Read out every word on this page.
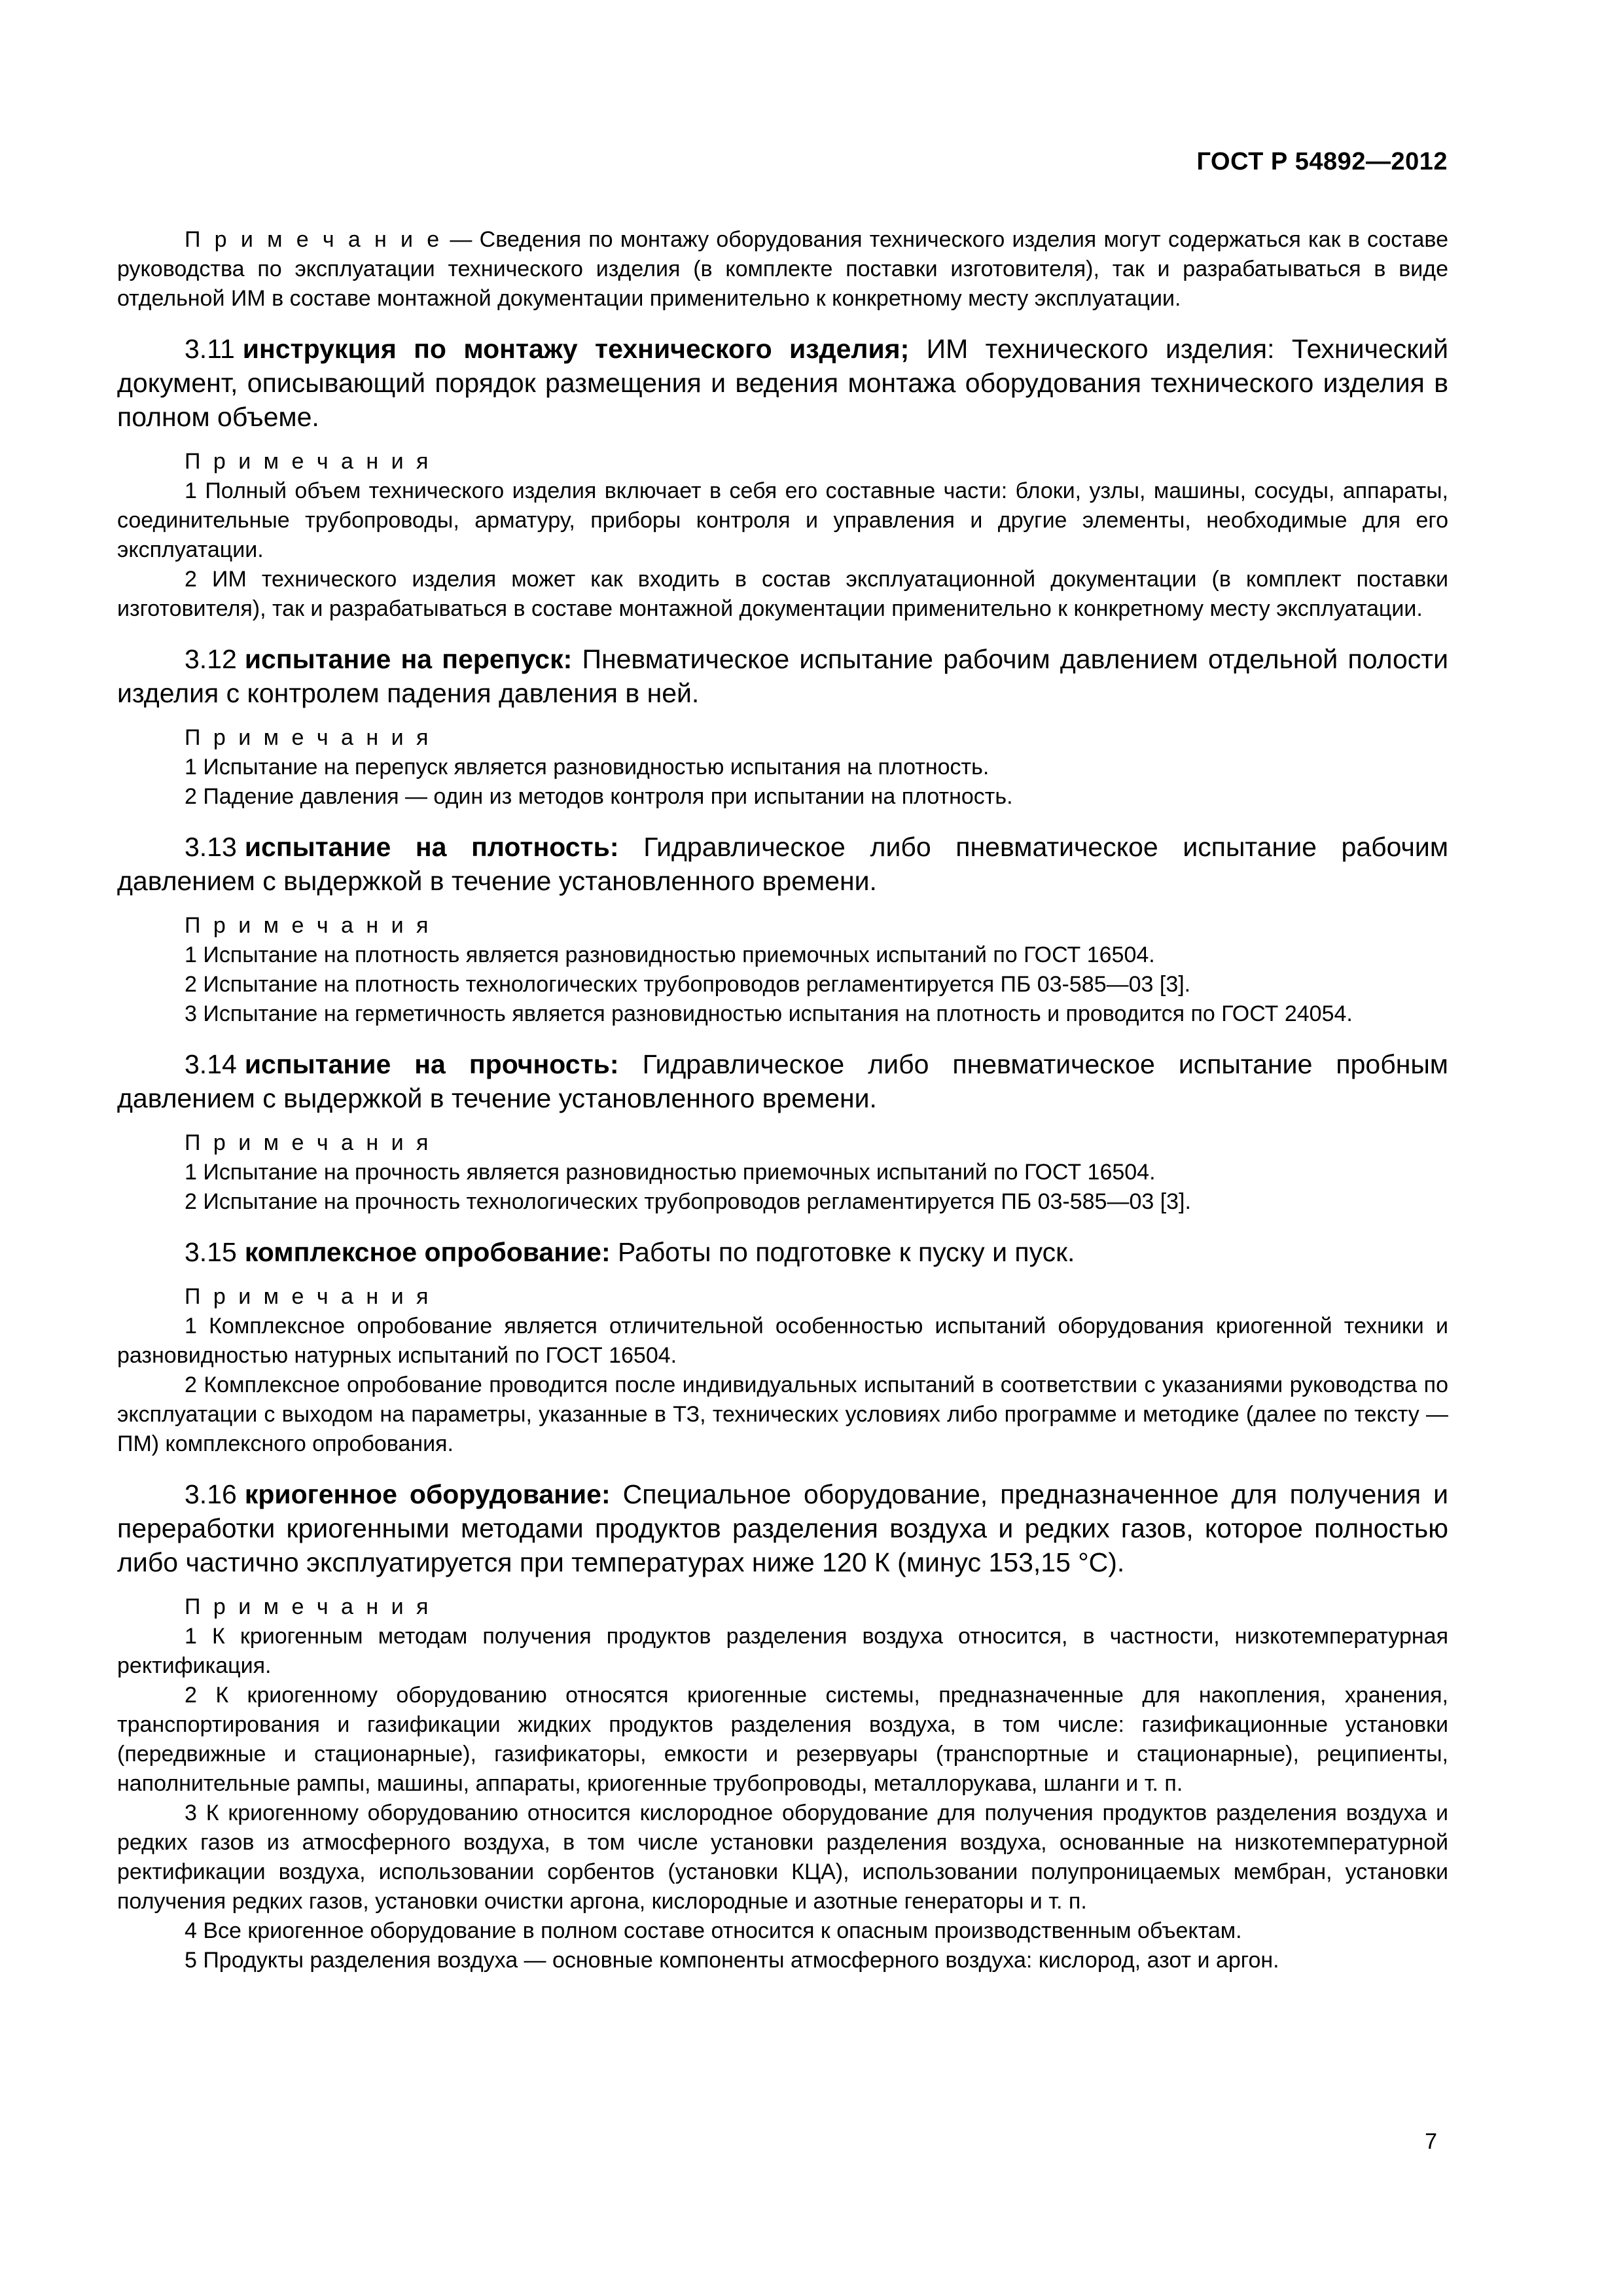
ГОСТ Р 54892—2012

П р и м е ч а н и е — Сведения по монтажу оборудования технического изделия могут содержаться как в составе руководства по эксплуатации технического изделия (в комплекте поставки изготовителя), так и разрабатываться в виде отдельной ИМ в составе монтажной документации применительно к конкретному месту эксплуатации.

3.11 инструкция по монтажу технического изделия; ИМ технического изделия: Технический документ, описывающий порядок размещения и ведения монтажа оборудования технического изделия в полном объеме.

П р и м е ч а н и я

1 Полный объем технического изделия включает в себя его составные части: блоки, узлы, машины, сосуды, аппараты, соединительные трубопроводы, арматуру, приборы контроля и управления и другие элементы, необходимые для его эксплуатации.

2 ИМ технического изделия может как входить в состав эксплуатационной документации (в комплект поставки изготовителя), так и разрабатываться в составе монтажной документации применительно к конкретному месту эксплуатации.

3.12 испытание на перепуск: Пневматическое испытание рабочим давлением отдельной полости изделия с контролем падения давления в ней.

П р и м е ч а н и я

1 Испытание на перепуск является разновидностью испытания на плотность.

2 Падение давления — один из методов контроля при испытании на плотность.

3.13 испытание на плотность: Гидравлическое либо пневматическое испытание рабочим давлением с выдержкой в течение установленного времени.

П р и м е ч а н и я

1 Испытание на плотность является разновидностью приемочных испытаний по ГОСТ 16504.

2 Испытание на плотность технологических трубопроводов регламентируется ПБ 03-585—03 [3].

3 Испытание на герметичность является разновидностью испытания на плотность и проводится по ГОСТ 24054.

3.14 испытание на прочность: Гидравлическое либо пневматическое испытание пробным давлением с выдержкой в течение установленного времени.

П р и м е ч а н и я

1 Испытание на прочность является разновидностью приемочных испытаний по ГОСТ 16504.

2 Испытание на прочность технологических трубопроводов регламентируется ПБ 03-585—03 [3].

3.15 комплексное опробование: Работы по подготовке к пуску и пуск.

П р и м е ч а н и я

1 Комплексное опробование является отличительной особенностью испытаний оборудования криогенной техники и разновидностью натурных испытаний по ГОСТ 16504.

2 Комплексное опробование проводится после индивидуальных испытаний в соответствии с указаниями руководства по эксплуатации с выходом на параметры, указанные в ТЗ, технических условиях либо программе и методике (далее по тексту — ПМ) комплексного опробования.

3.16 криогенное оборудование: Специальное оборудование, предназначенное для получения и переработки криогенными методами продуктов разделения воздуха и редких газов, которое полностью либо частично эксплуатируется при температурах ниже 120 К (минус 153,15 °С).

П р и м е ч а н и я

1 К криогенным методам получения продуктов разделения воздуха относится, в частности, низкотемпературная ректификация.

2 К криогенному оборудованию относятся криогенные системы, предназначенные для накопления, хранения, транспортирования и газификации жидких продуктов разделения воздуха, в том числе: газификационные установки (передвижные и стационарные), газификаторы, емкости и резервуары (транспортные и стационарные), реципиенты, наполнительные рампы, машины, аппараты, криогенные трубопроводы, металлорукава, шланги и т. п.

3 К криогенному оборудованию относится кислородное оборудование для получения продуктов разделения воздуха и редких газов из атмосферного воздуха, в том числе установки разделения воздуха, основанные на низкотемпературной ректификации воздуха, использовании сорбентов (установки КЦА), использовании полупроницаемых мембран, установки получения редких газов, установки очистки аргона, кислородные и азотные генераторы и т. п.

4 Все криогенное оборудование в полном составе относится к опасным производственным объектам.

5 Продукты разделения воздуха — основные компоненты атмосферного воздуха: кислород, азот и аргон.

7
